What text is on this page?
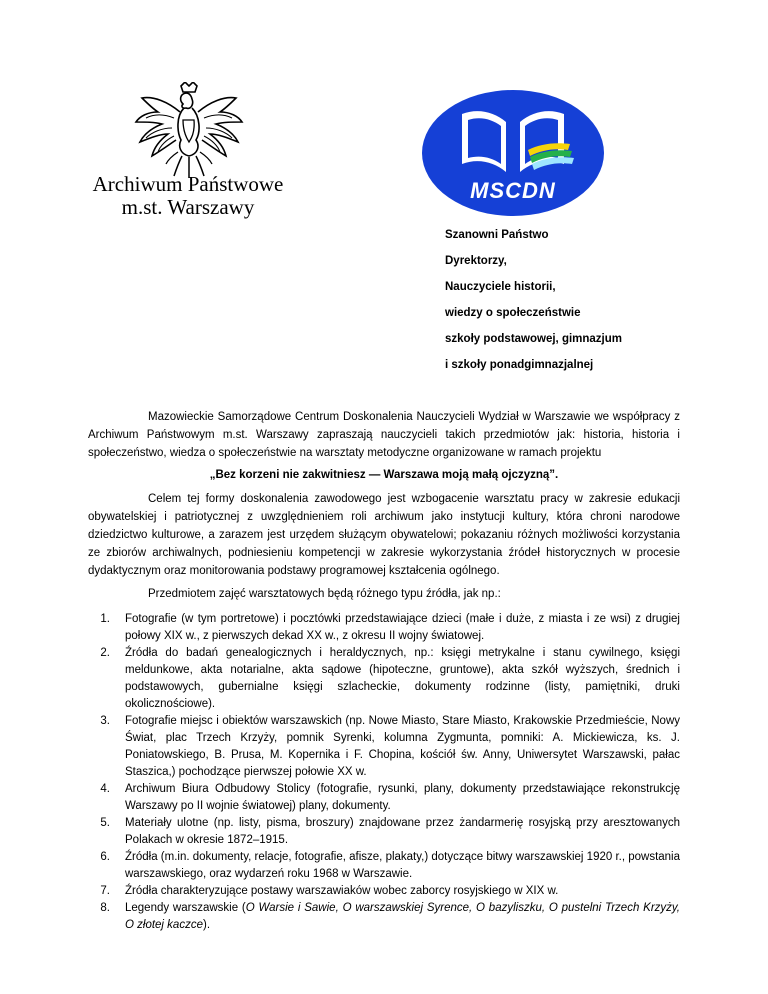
Archiwum Państwowe
m.st. Warszawy
MSCDN
Szanowni Państwo
Dyrektorzy,
Nauczyciele historii,
wiedzy o społeczeństwie
szkoły podstawowej, gimnazjum
i szkoły ponadgimnazjalnej

Mazowieckie Samorządowe Centrum Doskonalenia Nauczycieli Wydział w Warszawie we współpracy z Archiwum Państwowym m.st. Warszawy zapraszają nauczycieli takich przedmiotów jak: historia, historia i społeczeństwo, wiedza o społeczeństwie na warsztaty metodyczne organizowane w ramach projektu

„Bez korzeni nie zakwitniesz — Warszawa moją małą ojczyzną”.

Celem tej formy doskonalenia zawodowego jest wzbogacenie warsztatu pracy w zakresie edukacji obywatelskiej i patriotycznej z uwzględnieniem roli archiwum jako instytucji kultury, która chroni narodowe dziedzictwo kulturowe, a zarazem jest urzędem służącym obywatelowi; pokazaniu różnych możliwości korzystania ze zbiorów archiwalnych, podniesieniu kompetencji w zakresie wykorzystania źródeł historycznych w procesie dydaktycznym oraz monitorowania podstawy programowej kształcenia ogólnego.

Przedmiotem zajęć warsztatowych będą różnego typu źródła, jak np.:

1. Fotografie (w tym portretowe) i pocztówki przedstawiające dzieci (małe i duże, z miasta i ze wsi) z drugiej połowy XIX w., z pierwszych dekad XX w., z okresu II wojny światowej.
2. Źródła do badań genealogicznych i heraldycznych, np.: księgi metrykalne i stanu cywilnego, księgi meldunkowe, akta notarialne, akta sądowe (hipoteczne, gruntowe), akta szkół wyższych, średnich i podstawowych, gubernialne księgi szlacheckie, dokumenty rodzinne (listy, pamiętniki, druki okolicznościowe).
3. Fotografie miejsc i obiektów warszawskich (np. Nowe Miasto, Stare Miasto, Krakowskie Przedmieście, Nowy Świat, plac Trzech Krzyży, pomnik Syrenki, kolumna Zygmunta, pomniki: A. Mickiewicza, ks. J. Poniatowskiego, B. Prusa, M. Kopernika i F. Chopina, kościół św. Anny, Uniwersytet Warszawski, pałac Staszica,) pochodzące pierwszej połowie XX w.
4. Archiwum Biura Odbudowy Stolicy (fotografie, rysunki, plany, dokumenty przedstawiające rekonstrukcję Warszawy po II wojnie światowej) plany, dokumenty.
5. Materiały ulotne (np. listy, pisma, broszury) znajdowane przez żandarmerię rosyjską przy aresztowanych Polakach w okresie 1872–1915.
6. Źródła (m.in. dokumenty, relacje, fotografie, afisze, plakaty,) dotyczące bitwy warszawskiej 1920 r., powstania warszawskiego, oraz wydarzeń roku 1968 w Warszawie.
7. Źródła charakteryzujące postawy warszawiaków wobec zaborcy rosyjskiego w XIX w.
8. Legendy warszawskie (O Warsie i Sawie, O warszawskiej Syrence, O bazyliszku, O pustelni Trzech Krzyży, O złotej kaczce).
